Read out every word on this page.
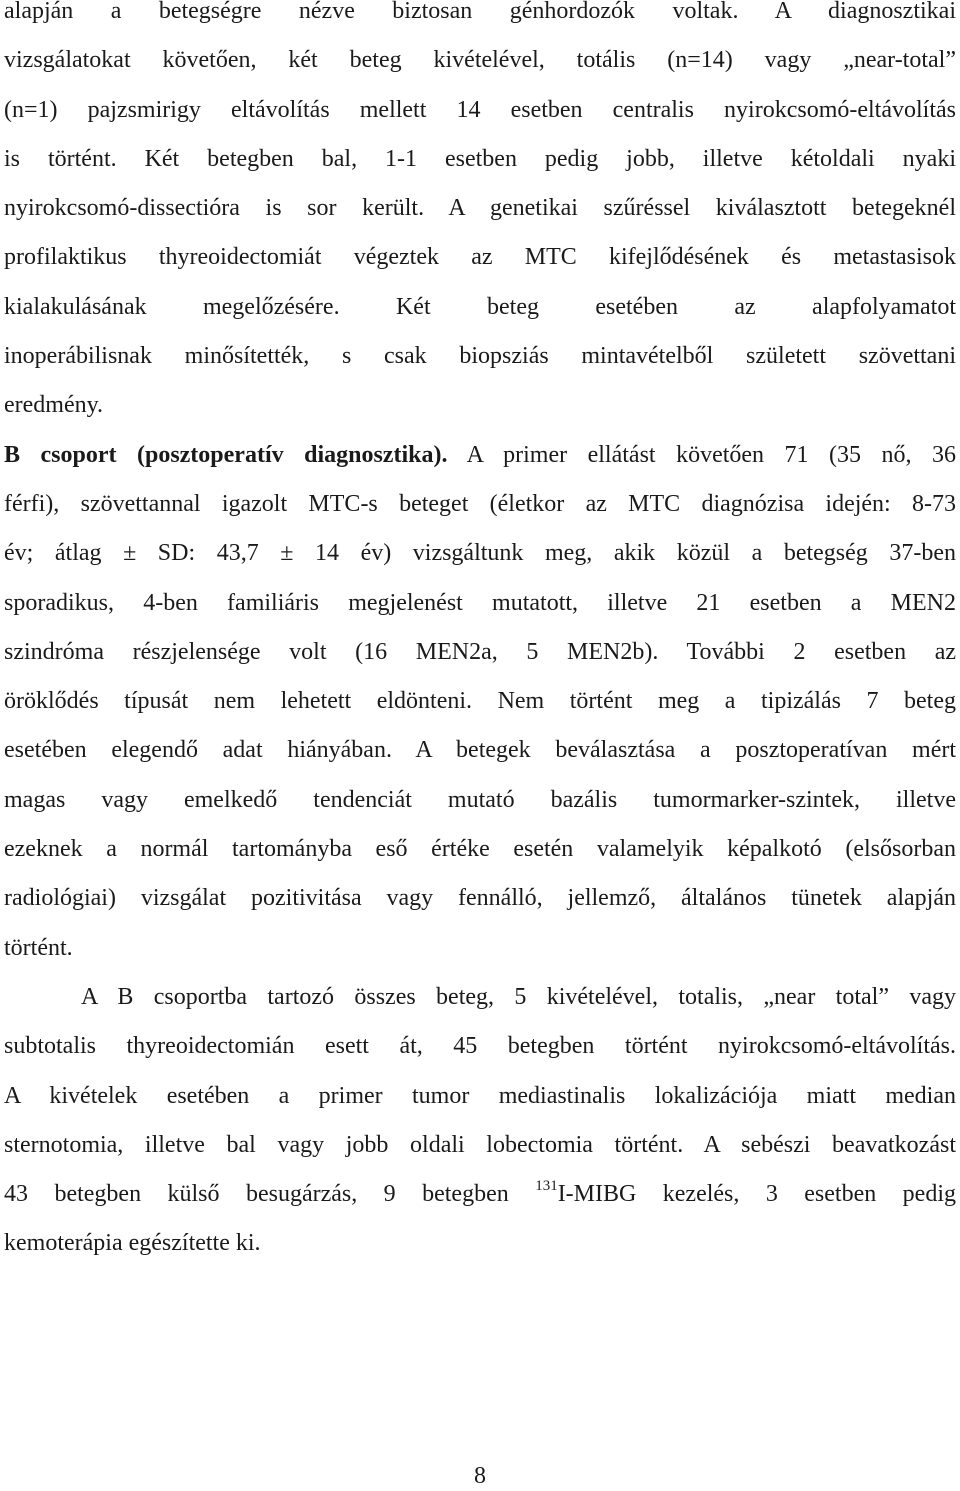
alapján a betegségre nézve biztosan génhordozók voltak. A diagnosztikai
vizsgálatokat követően, két beteg kivételével, totális (n=14) vagy „near-total”
(n=1) pajzsmirigy eltávolítás mellett 14 esetben centralis nyirokcsomó-eltávolítás
is történt. Két betegben bal, 1-1 esetben pedig jobb, illetve kétoldali nyaki
nyirokcsomó-dissectióra is sor került. A genetikai szűréssel kiválasztott betegeknél
profilaktikus thyreoidectomiát végeztek az MTC kifejlődésének és metastasisok
kialakulásának megelőzésére. Két beteg esetében az alapfolyamatot
inoperábilisnak minősítették, s csak biopsziás mintavételből született szövettani
eredmény.
B csoport (posztoperatív diagnosztika). A primer ellátást követően 71 (35 nő, 36
férfi), szövettannal igazolt MTC-s beteget (életkor az MTC diagnózisa idején: 8-73
év; átlag ± SD: 43,7 ± 14 év) vizsgáltunk meg, akik közül a betegség 37-ben
sporadikus, 4-ben familiáris megjelenést mutatott, illetve 21 esetben a MEN2
szindróma részjelensége volt (16 MEN2a, 5 MEN2b). További 2 esetben az
öröklődés típusát nem lehetett eldönteni. Nem történt meg a tipizálás 7 beteg
esetében elegendő adat hiányában. A betegek beválasztása a posztoperatívan mért
magas vagy emelkedő tendenciát mutató bazális tumormarker-szintek, illetve
ezeknek a normál tartományba eső értéke esetén valamelyik képalkotó (elsősorban
radiológiai) vizsgálat pozitivitása vagy fennálló, jellemző, általános tünetek alapján
történt.
A B csoportba tartozó összes beteg, 5 kivételével, totalis, „near total” vagy
subtotalis thyreoidectomián esett át, 45 betegben történt nyirokcsomó-eltávolítás.
A kivételek esetében a primer tumor mediastinalis lokalizációja miatt median
sternotomia, illetve bal vagy jobb oldali lobectomia történt. A sebészi beavatkozást
43 betegben külső besugárzás, 9 betegben $^{131}$I-MIBG kezelés, 3 esetben pedig
kemoterápia egészítette ki.
8
